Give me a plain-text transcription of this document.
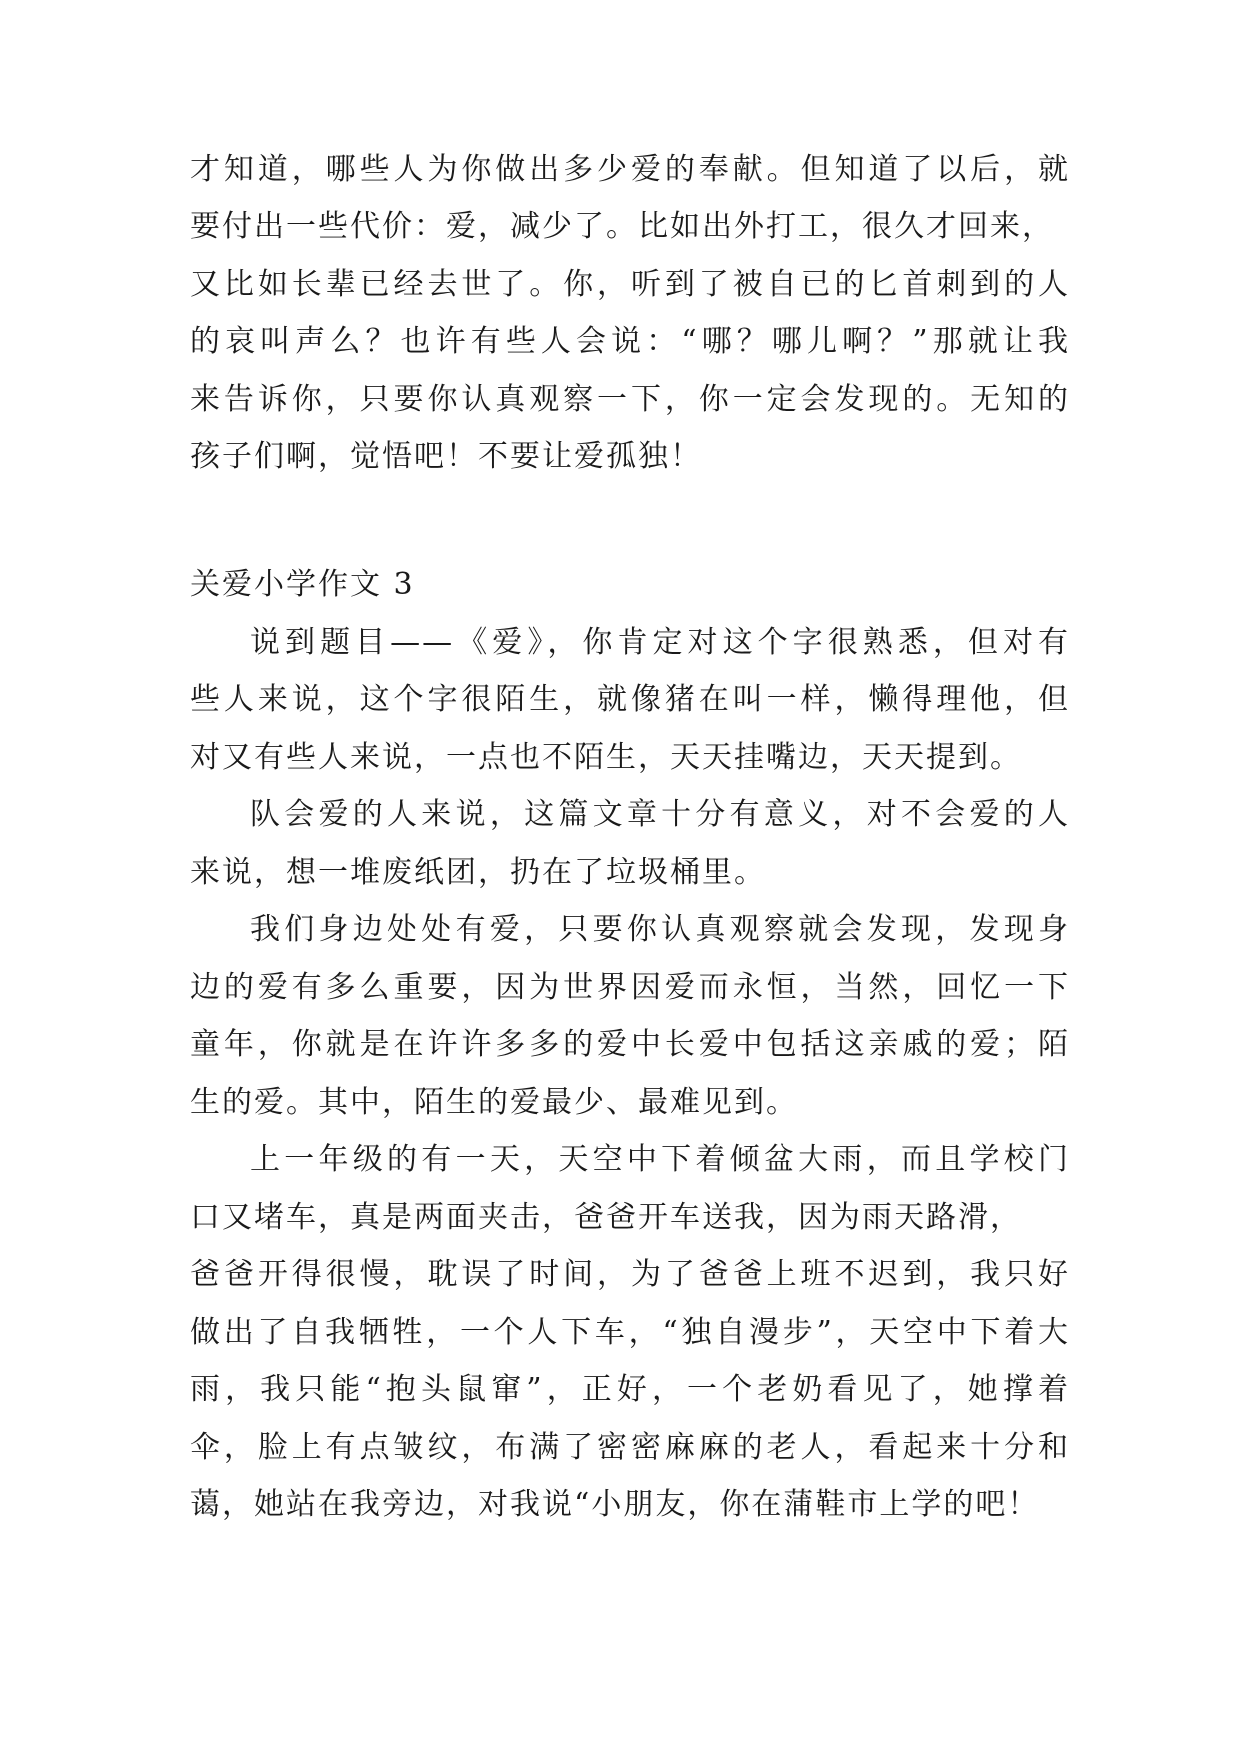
才知道，哪些人为你做出多少爱的奉献。但知道了以后，就
要付出一些代价：爱，减少了。比如出外打工，很久才回来，
又比如长辈已经去世了。你，听到了被自已的匕首刺到的人
的哀叫声么？也许有些人会说：“哪？哪儿啊？”那就让我
来告诉你，只要你认真观察一下，你一定会发现的。无知的
孩子们啊，觉悟吧！不要让爱孤独！
关爱小学作文 3
说到题目——《爱》，你肯定对这个字很熟悉，但对有
些人来说，这个字很陌生，就像猪在叫一样，懒得理他，但
对又有些人来说，一点也不陌生，天天挂嘴边，天天提到。
队会爱的人来说，这篇文章十分有意义，对不会爱的人
来说，想一堆废纸团，扔在了垃圾桶里。
我们身边处处有爱，只要你认真观察就会发现，发现身
边的爱有多么重要，因为世界因爱而永恒，当然，回忆一下
童年，你就是在许许多多的爱中长爱中包括这亲戚的爱；陌
生的爱。其中，陌生的爱最少、最难见到。
上一年级的有一天，天空中下着倾盆大雨，而且学校门
口又堵车，真是两面夹击，爸爸开车送我，因为雨天路滑，
爸爸开得很慢，耽误了时间，为了爸爸上班不迟到，我只好
做出了自我牺牲，一个人下车，“独自漫步”，天空中下着大
雨，我只能“抱头鼠窜”，正好，一个老奶看见了，她撑着
伞，脸上有点皱纹，布满了密密麻麻的老人，看起来十分和
蔼，她站在我旁边，对我说“小朋友，你在蒲鞋市上学的吧！
